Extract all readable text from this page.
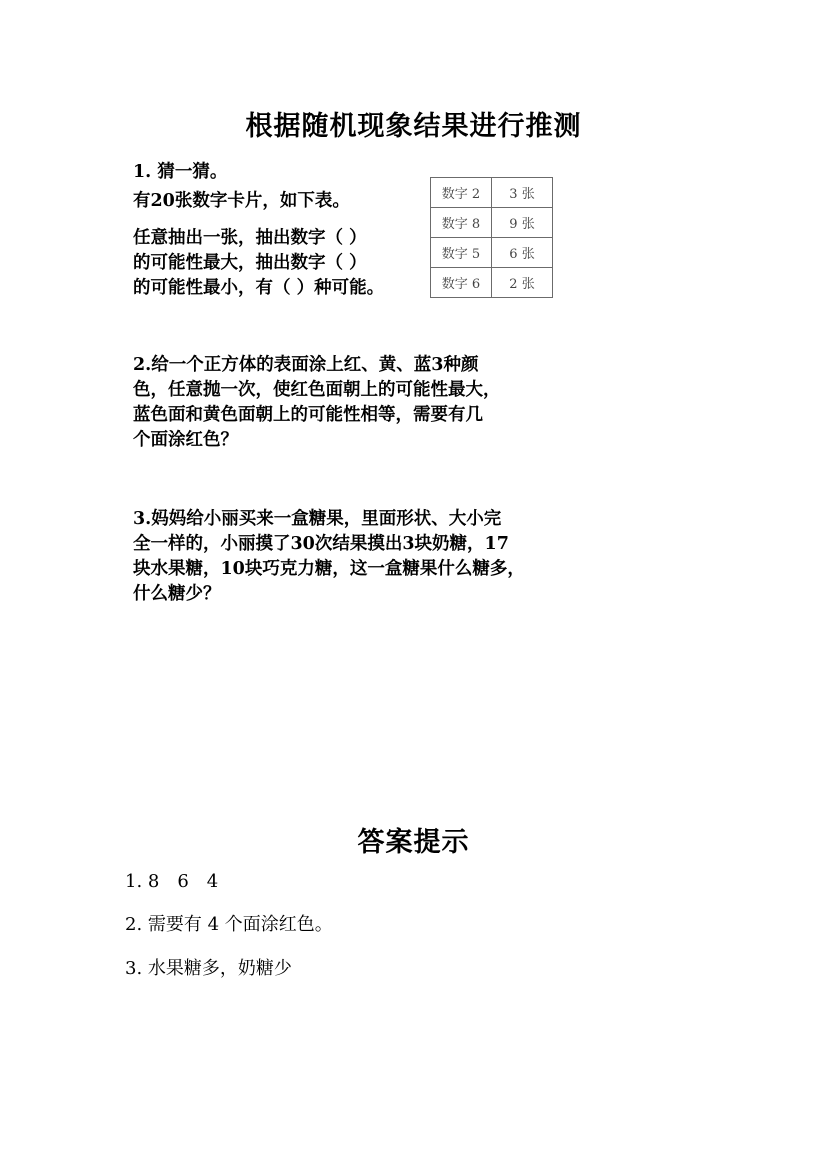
根据随机现象结果进行推测
1. 猜一猜。
有20张数字卡片，如下表。
任意抽出一张，抽出数字（ ）
的可能性最大，抽出数字（ ）
的可能性最小，有（ ）种可能。
数字 2	3 张
数字 8	9 张
数字 5	6 张
数字 6	2 张
2.给一个正方体的表面涂上红、黄、蓝3种颜
色，任意抛一次，使红色面朝上的可能性最大，
蓝色面和黄色面朝上的可能性相等，需要有几
个面涂红色？
3.妈妈给小丽买来一盒糖果，里面形状、大小完
全一样的，小丽摸了30次结果摸出3块奶糖，17
块水果糖，10块巧克力糖，这一盒糖果什么糖多，
什么糖少？
答案提示
1. 8　6　4
2. 需要有 4 个面涂红色。
3. 水果糖多，奶糖少
